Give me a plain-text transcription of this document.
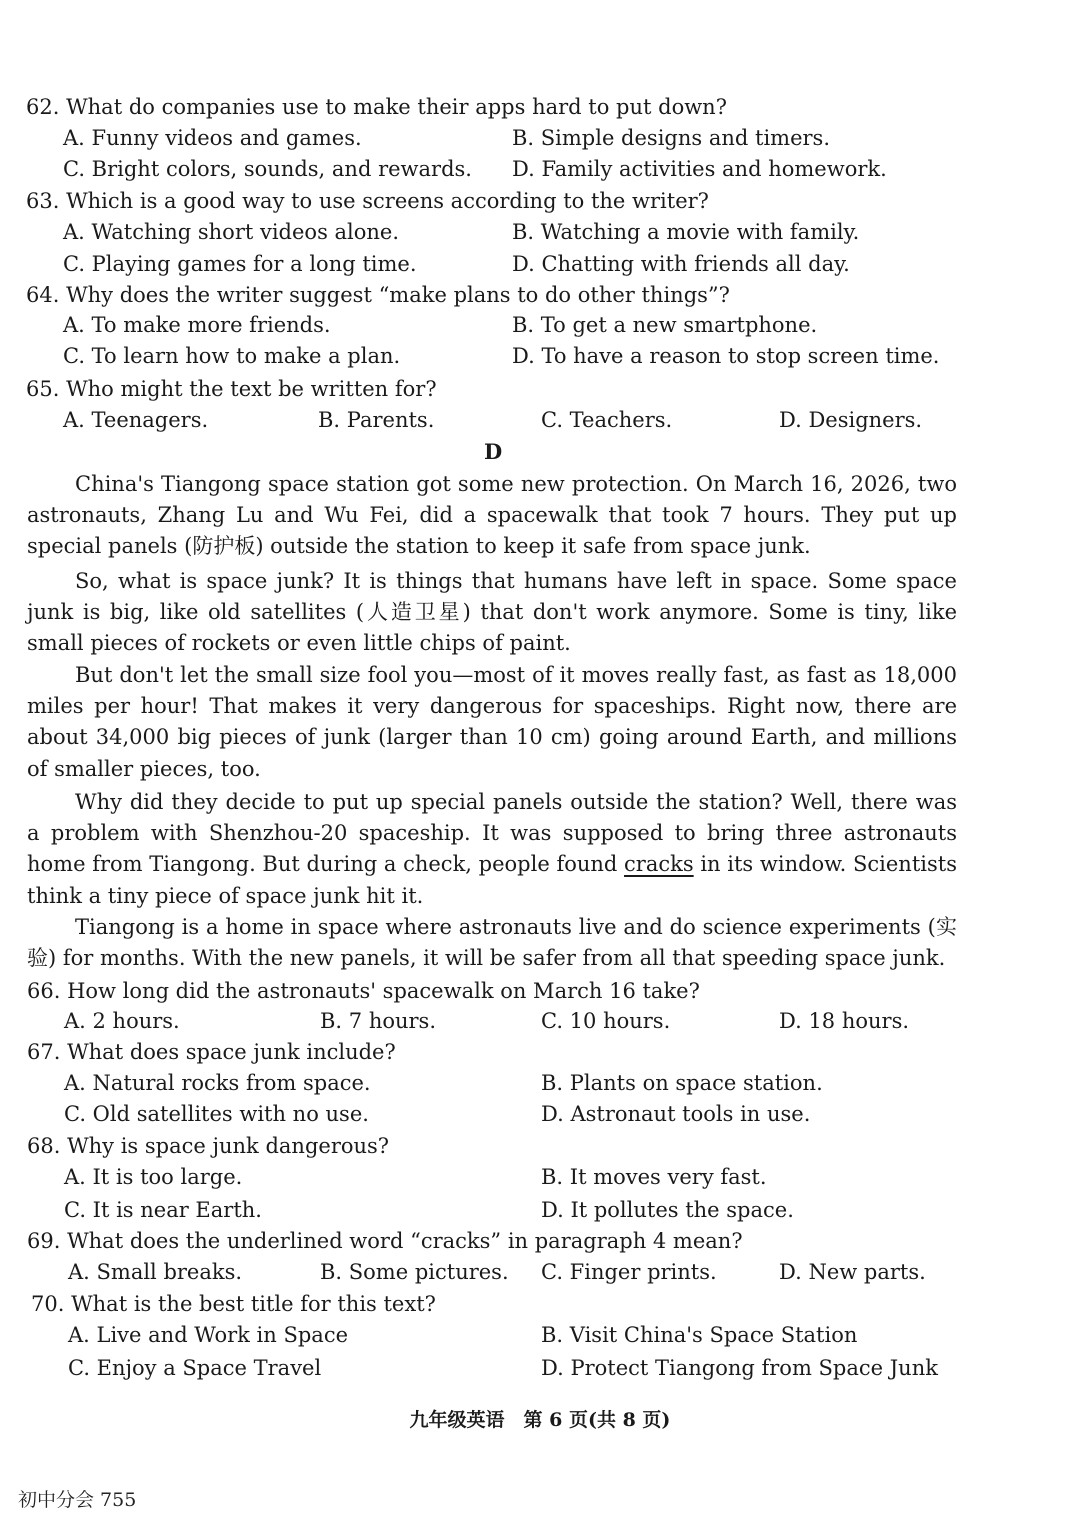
62. What do companies use to make their apps hard to put down?
A. Funny videos and games.	B. Simple designs and timers.
C. Bright colors, sounds, and rewards. D. Family activities and homework.
63. Which is a good way to use screens according to the writer?
A. Watching short videos alone.	B. Watching a movie with family.
C. Playing games for a long time.	D. Chatting with friends all day.
64. Why does the writer suggest “make plans to do other things”?
A. To make more friends.	B. To get a new smartphone.
C. To learn how to make a plan.	D. To have a reason to stop screen time.
65. Who might the text be written for?
A. Teenagers.	B. Parents.	C. Teachers.	D. Designers.
D
China's Tiangong space station got some new protection. On March 16, 2026, two astronauts, Zhang Lu and Wu Fei, did a spacewalk that took 7 hours. They put up special panels (防护板) outside the station to keep it safe from space junk.
So, what is space junk? It is things that humans have left in space. Some space junk is big, like old satellites (人造卫星) that don't work anymore. Some is tiny, like small pieces of rockets or even little chips of paint.
But don't let the small size fool you—most of it moves really fast, as fast as 18,000 miles per hour! That makes it very dangerous for spaceships. Right now, there are about 34,000 big pieces of junk (larger than 10 cm) going around Earth, and millions of smaller pieces, too.
Why did they decide to put up special panels outside the station? Well, there was a problem with Shenzhou-20 spaceship. It was supposed to bring three astronauts home from Tiangong. But during a check, people found cracks in its window. Scientists think a tiny piece of space junk hit it.
Tiangong is a home in space where astronauts live and do science experiments (实验) for months. With the new panels, it will be safer from all that speeding space junk.
66. How long did the astronauts' spacewalk on March 16 take?
A. 2 hours.	B. 7 hours.	C. 10 hours.	D. 18 hours.
67. What does space junk include?
A. Natural rocks from space.	B. Plants on space station.
C. Old satellites with no use.	D. Astronaut tools in use.
68. Why is space junk dangerous?
A. It is too large.	B. It moves very fast.
C. It is near Earth.	D. It pollutes the space.
69. What does the underlined word “cracks” in paragraph 4 mean?
A. Small breaks.	B. Some pictures. C. Finger prints.	D. New parts.
70. What is the best title for this text?
A. Live and Work in Space	B. Visit China's Space Station
C. Enjoy a Space Travel	D. Protect Tiangong from Space Junk
九年级英语　第 6 页(共 8 页)
初中分会 755
